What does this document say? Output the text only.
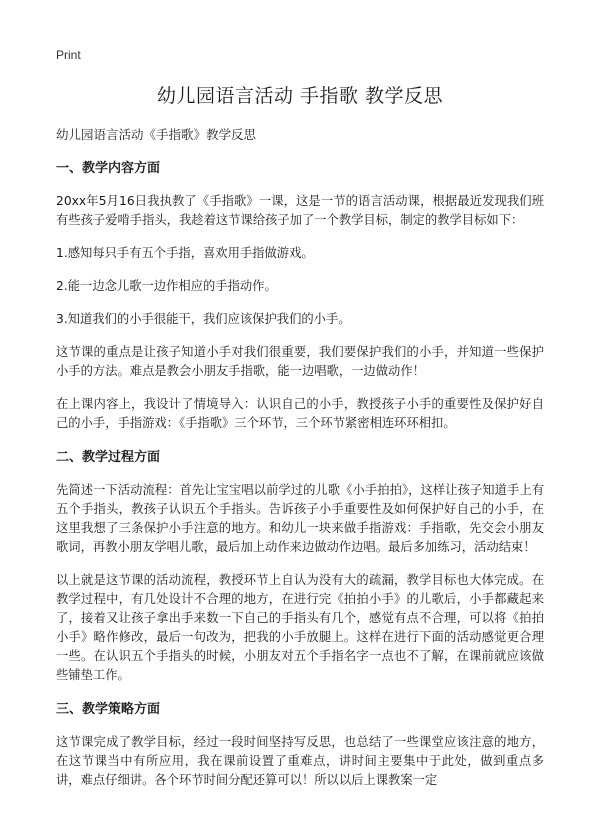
Print
幼儿园语言活动 手指歌 教学反思

幼儿园语言活动《手指歌》教学反思

一、教学内容方面

20xx年5月16日我执教了《手指歌》一课，这是一节的语言活动课，根据最近发现我们班有些孩子爱啃手指头，我趁着这节课给孩子加了一个教学目标，制定的教学目标如下：

1.感知每只手有五个手指，喜欢用手指做游戏。

2.能一边念儿歌一边作相应的手指动作。

3.知道我们的小手很能干，我们应该保护我们的小手。

这节课的重点是让孩子知道小手对我们很重要，我们要保护我们的小手，并知道一些保护小手的方法。难点是教会小朋友手指歌，能一边唱歌，一边做动作！

在上课内容上，我设计了情境导入：认识自己的小手，教授孩子小手的重要性及保护好自己的小手，手指游戏：《手指歌》三个环节，三个环节紧密相连环环相扣。

二、教学过程方面

先简述一下活动流程：首先让宝宝唱以前学过的儿歌《小手拍拍》，这样让孩子知道手上有五个手指头，教孩子认识五个手指头。告诉孩子小手重要性及如何保护好自己的小手，在这里我想了三条保护小手注意的地方。和幼儿一块来做手指游戏：手指歌，先交会小朋友歌词，再教小朋友学唱儿歌，最后加上动作来边做动作边唱。最后多加练习，活动结束！

以上就是这节课的活动流程，教授环节上自认为没有大的疏漏，教学目标也大体完成。在教学过程中，有几处设计不合理的地方，在进行完《拍拍小手》的儿歌后，小手都藏起来了，接着又让孩子拿出手来数一下自己的手指头有几个，感觉有点不合理，可以将《拍拍小手》略作修改，最后一句改为，把我的小手放腿上。这样在进行下面的活动感觉更合理一些。在认识五个手指头的时候，小朋友对五个手指名字一点也不了解，在课前就应该做些铺垫工作。

三、教学策略方面

这节课完成了教学目标，经过一段时间坚持写反思，也总结了一些课堂应该注意的地方，在这节课当中有所应用，我在课前设置了重难点，讲时间主要集中于此处，做到重点多讲，难点仔细讲。各个环节时间分配还算可以！所以以后上课教案一定
